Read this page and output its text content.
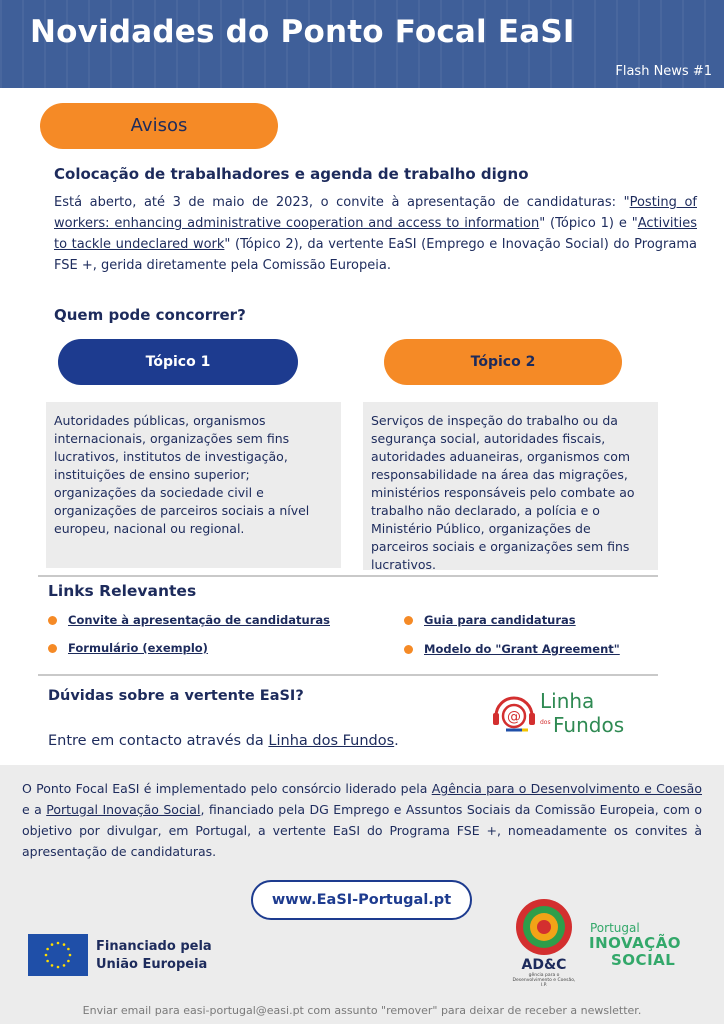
Novidades do Ponto Focal EaSI
Flash News #1
Avisos
Colocação de trabalhadores e agenda de trabalho digno
Está aberto, até 3 de maio de 2023, o convite à apresentação de candidaturas: "Posting of workers: enhancing administrative cooperation and access to information" (Tópico 1) e "Activities to tackle undeclared work" (Tópico 2), da vertente EaSI (Emprego e Inovação Social) do Programa FSE +, gerida diretamente pela Comissão Europeia.
Quem pode concorrer?
Tópico 1	Tópico 2
Autoridades públicas, organismos internacionais, organizações sem fins lucrativos, institutos de investigação, instituições de ensino superior; organizações da sociedade civil e organizações de parceiros sociais a nível europeu, nacional ou regional.
Serviços de inspeção do trabalho ou da segurança social, autoridades fiscais, autoridades aduaneiras, organismos com responsabilidade na área das migrações, ministérios responsáveis pelo combate ao trabalho não declarado, a polícia e o Ministério Público, organizações de parceiros sociais e organizações sem fins lucrativos.
Links Relevantes
Convite à apresentação de candidaturas	Guia para candidaturas
Formulário (exemplo)	Modelo do "Grant Agreement"
Dúvidas sobre a vertente EaSI?
Entre em contacto através da Linha dos Fundos.
@
Linha
dos Fundos
O Ponto Focal EaSI é implementado pelo consórcio liderado pela Agência para o Desenvolvimento e Coesão e a Portugal Inovação Social, financiado pela DG Emprego e Assuntos Sociais da Comissão Europeia, com o objetivo por divulgar, em Portugal, a vertente EaSI do Programa FSE +, nomeadamente os convites à apresentação de candidaturas.
www.EaSI-Portugal.pt
Financiado pela
União Europeia	AD&C
gência para o Desenvolvimento e Coesão, I.P.
Portugal
INOVAÇÃO
SOCIAL
Enviar email para easi-portugal@easi.pt com assunto "remover" para deixar de receber a newsletter.
